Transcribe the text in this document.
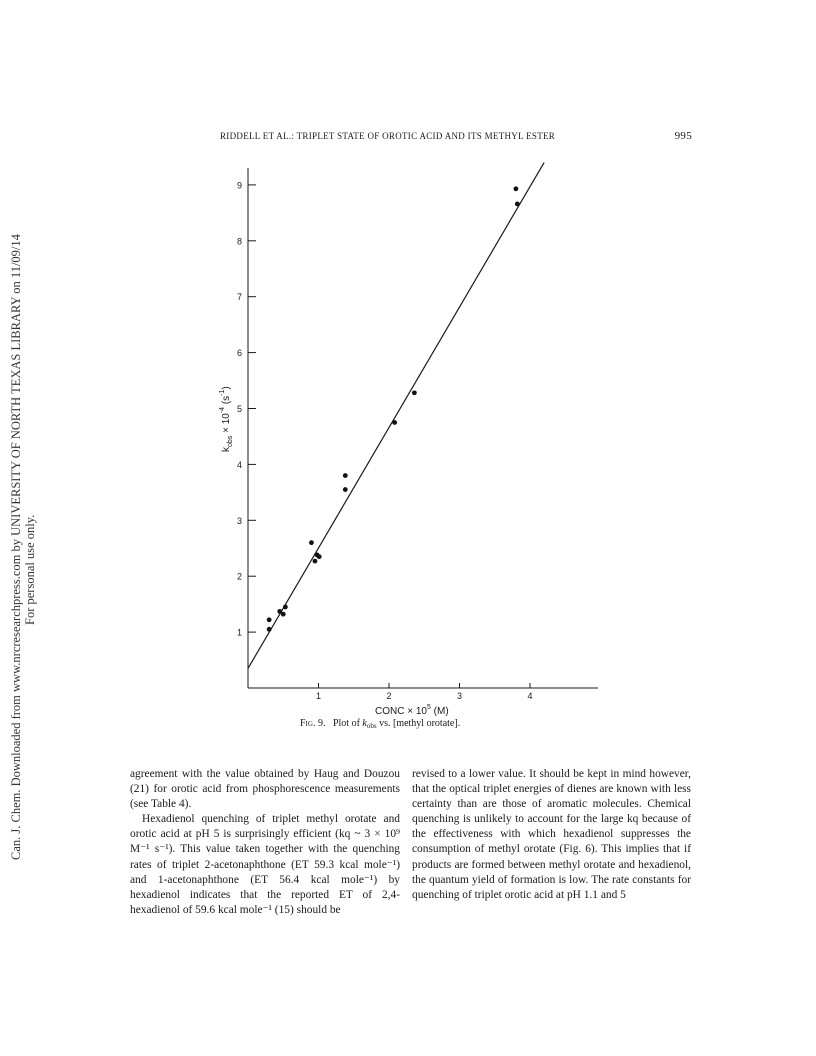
Can. J. Chem. Downloaded from www.nrcresearchpress.com by UNIVERSITY OF NORTH TEXAS LIBRARY on 11/09/14 For personal use only.
RIDDELL ET AL.: TRIPLET STATE OF OROTIC ACID AND ITS METHYL ESTER	995
1	2	3	4
1
2
3
4
5
6
7
8
9
CONC × $10^5$ (M)
$k_{obs} \times 10^{-4}$ $(s^{-1})$
Fig. 9. Plot of $k_{obs}$ vs. [methyl orotate].

agreement with the value obtained by Haug and Douzou (21) for orotic acid from phosphorescence measurements (see Table 4).

Hexadienol quenching of triplet methyl orotate and orotic acid at pH 5 is surprisingly efficient (kq ~ 3 × 10⁹ M⁻¹ s⁻¹). This value taken together with the quenching rates of triplet 2-acetonaphthone (ET 59.3 kcal mole⁻¹) and 1-acetonaphthone (ET 56.4 kcal mole⁻¹) by hexadienol indicates that the reported ET of 2,4-hexadienol of 59.6 kcal mole⁻¹ (15) should be

revised to a lower value. It should be kept in mind however, that the optical triplet energies of dienes are known with less certainty than are those of aromatic molecules. Chemical quenching is unlikely to account for the large kq because of the effectiveness with which hexadienol suppresses the consumption of methyl orotate (Fig. 6). This implies that if products are formed between methyl orotate and hexadienol, the quantum yield of formation is low. The rate constants for quenching of triplet orotic acid at pH 1.1 and 5
